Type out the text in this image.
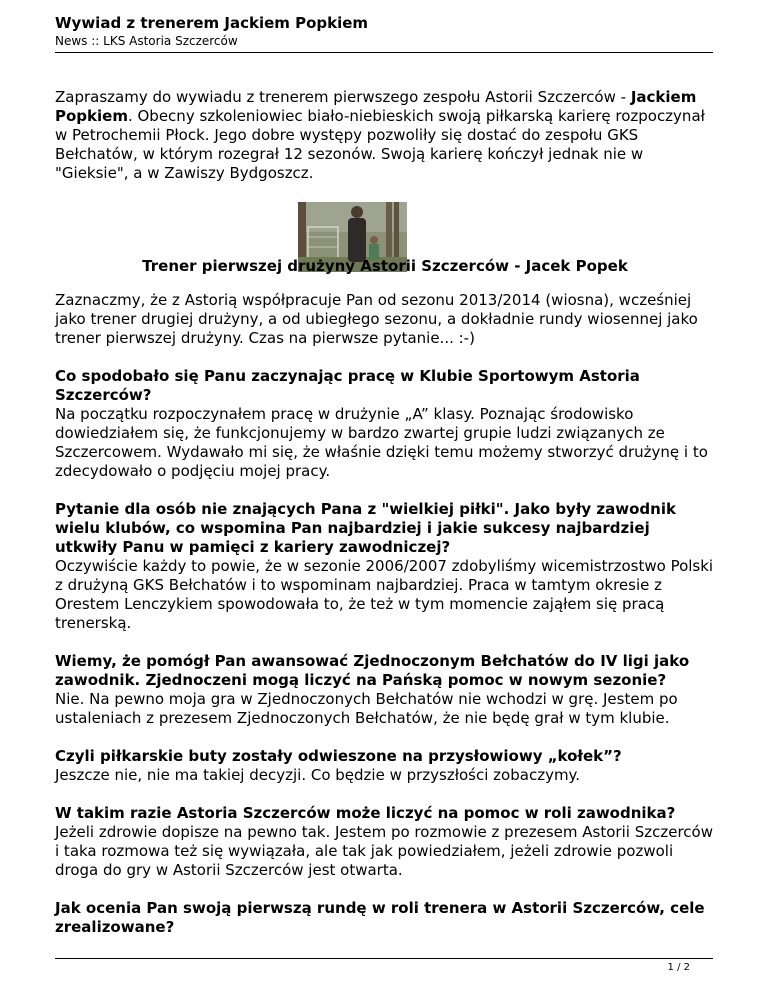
Wywiad z trenerem Jackiem Popkiem
News :: LKS Astoria Szczerców

Zapraszamy do wywiadu z trenerem pierwszego zespołu Astorii Szczerców - Jackiem Popkiem. Obecny szkoleniowiec biało-niebieskich swoją piłkarską karierę rozpoczynał w Petrochemii Płock. Jego dobre występy pozwoliły się dostać do zespołu GKS Bełchatów, w którym rozegrał 12 sezonów. Swoją karierę kończył jednak nie w "Gieksie", a w Zawiszy Bydgoszcz.

Trener pierwszej drużyny Astorii Szczerców - Jacek Popek

Zaznaczmy, że z Astorią współpracuje Pan od sezonu 2013/2014 (wiosna), wcześniej jako trener drugiej drużyny, a od ubiegłego sezonu, a dokładnie rundy wiosennej jako trener pierwszej drużyny. Czas na pierwsze pytanie... :-)

Co spodobało się Panu zaczynając pracę w Klubie Sportowym Astoria Szczerców?

Na początku rozpoczynałem pracę w drużynie „A” klasy. Poznając środowisko dowiedziałem się, że funkcjonujemy w bardzo zwartej grupie ludzi związanych ze Szczercowem. Wydawało mi się, że właśnie dzięki temu możemy stworzyć drużynę i to zdecydowało o podjęciu mojej pracy.

Pytanie dla osób nie znających Pana z "wielkiej piłki". Jako były zawodnik wielu klubów, co wspomina Pan najbardziej i jakie sukcesy najbardziej utkwiły Panu w pamięci z kariery zawodniczej?

Oczywiście każdy to powie, że w sezonie 2006/2007 zdobyliśmy wicemistrzostwo Polski z drużyną GKS Bełchatów i to wspominam najbardziej. Praca w tamtym okresie z Orestem Lenczykiem spowodowała to, że też w tym momencie zająłem się pracą trenerską.

Wiemy, że pomógł Pan awansować Zjednoczonym Bełchatów do IV ligi jako zawodnik. Zjednoczeni mogą liczyć na Pańską pomoc w nowym sezonie?

Nie. Na pewno moja gra w Zjednoczonych Bełchatów nie wchodzi w grę. Jestem po ustaleniach z prezesem Zjednoczonych Bełchatów, że nie będę grał w tym klubie.

Czyli piłkarskie buty zostały odwieszone na przysłowiowy „kołek”?

Jeszcze nie, nie ma takiej decyzji. Co będzie w przyszłości zobaczymy.

W takim razie Astoria Szczerców może liczyć na pomoc w roli zawodnika?

Jeżeli zdrowie dopisze na pewno tak. Jestem po rozmowie z prezesem Astorii Szczerców i taka rozmowa też się wywiązała, ale tak jak powiedziałem, jeżeli zdrowie pozwoli droga do gry w Astorii Szczerców jest otwarta.

Jak ocenia Pan swoją pierwszą rundę w roli trenera w Astorii Szczerców, cele zrealizowane?

1 / 2
